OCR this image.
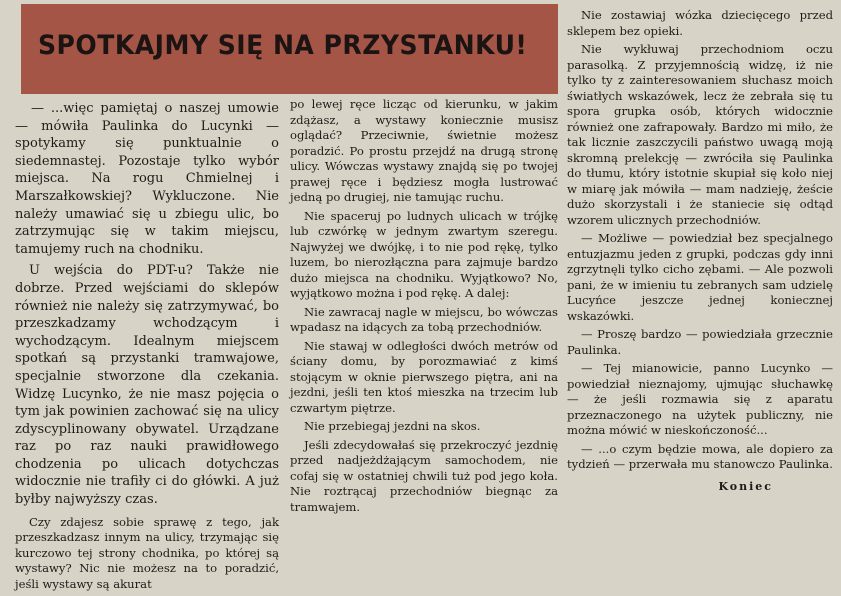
SPOTKAJMY SIĘ NA PRZYSTANKU!

— ...więc pamiętaj o naszej umowie — mówiła Paulinka do Lucynki — spotykamy się punktualnie o siedemnastej. Pozostaje tylko wybór miejsca. Na rogu Chmielnej i Marszałkowskiej? Wykluczone. Nie należy umawiać się u zbiegu ulic, bo zatrzymując się w takim miejscu, tamujemy ruch na chodniku.

U wejścia do PDT-u? Także nie dobrze. Przed wejściami do sklepów również nie należy się zatrzymywać, bo przeszkadzamy wchodzącym i wychodzącym. Idealnym miejscem spotkań są przystanki tramwajowe, specjalnie stworzone dla czekania. Widzę Lucynko, że nie masz pojęcia o tym jak powinien zachować się na ulicy zdyscyplinowany obywatel. Urządzane raz po raz nauki prawidłowego chodzenia po ulicach dotychczas widocznie nie trafiły ci do główki. A już byłby najwyższy czas.

Czy zdajesz sobie sprawę z tego, jak przeszkadzasz innym na ulicy, trzymając się kurczowo tej strony chodnika, po której są wystawy? Nic nie możesz na to poradzić, jeśli wystawy są akurat

po lewej ręce licząc od kierunku, w jakim zdążasz, a wystawy koniecznie musisz oglądać? Przeciwnie, świetnie możesz poradzić. Po prostu przejdź na drugą stronę ulicy. Wówczas wystawy znajdą się po twojej prawej ręce i będziesz mogła lustrować jedną po drugiej, nie tamując ruchu.

Nie spaceruj po ludnych ulicach w trójkę lub czwórkę w jednym zwartym szeregu. Najwyżej we dwójkę, i to nie pod rękę, tylko luzem, bo nierozłączna para zajmuje bardzo dużo miejsca na chodniku. Wyjątkowo? No, wyjątkowo można i pod rękę. A dalej:

Nie zawracaj nagle w miejscu, bo wówczas wpadasz na idących za tobą przechodniów.

Nie stawaj w odległości dwóch metrów od ściany domu, by porozmawiać z kimś stojącym w oknie pierwszego piętra, ani na jezdni, jeśli ten ktoś mieszka na trzecim lub czwartym piętrze.

Nie przebiegaj jezdni na skos.

Jeśli zdecydowałaś się przekroczyć jezdnię przed nadjeżdżającym samochodem, nie cofaj się w ostatniej chwili tuż pod jego koła. Nie roztrącaj przechodniów biegnąc za tramwajem.

Nie zostawiaj wózka dziecięcego przed sklepem bez opieki.

Nie wykłuwaj przechodniom oczu parasolką. Z przyjemnością widzę, iż nie tylko ty z zainteresowaniem słuchasz moich światłych wskazówek, lecz że zebrała się tu spora grupka osób, których widocznie również one zafrapowały. Bardzo mi miło, że tak licznie zaszczycili państwo uwagą moją skromną prelekcję — zwróciła się Paulinka do tłumu, który istotnie skupiał się koło niej w miarę jak mówiła — mam nadzieję, żeście dużo skorzystali i że staniecie się odtąd wzorem ulicznych przechodniów.

— Możliwe — powiedział bez specjalnego entuzjazmu jeden z grupki, podczas gdy inni zgrzytnęli tylko cicho zębami. — Ale pozwoli pani, że w imieniu tu zebranych sam udzielę Lucyńce jeszcze jednej koniecznej wskazówki.

— Proszę bardzo — powiedziała grzecznie Paulinka.

— Tej mianowicie, panno Lucynko — powiedział nieznajomy, ujmując słuchawkę — że jeśli rozmawia się z aparatu przeznaczonego na użytek publiczny, nie można mówić w nieskończoność...

— ...o czym będzie mowa, ale dopiero za tydzień — przerwała mu stanowczo Paulinka.

Koniec
